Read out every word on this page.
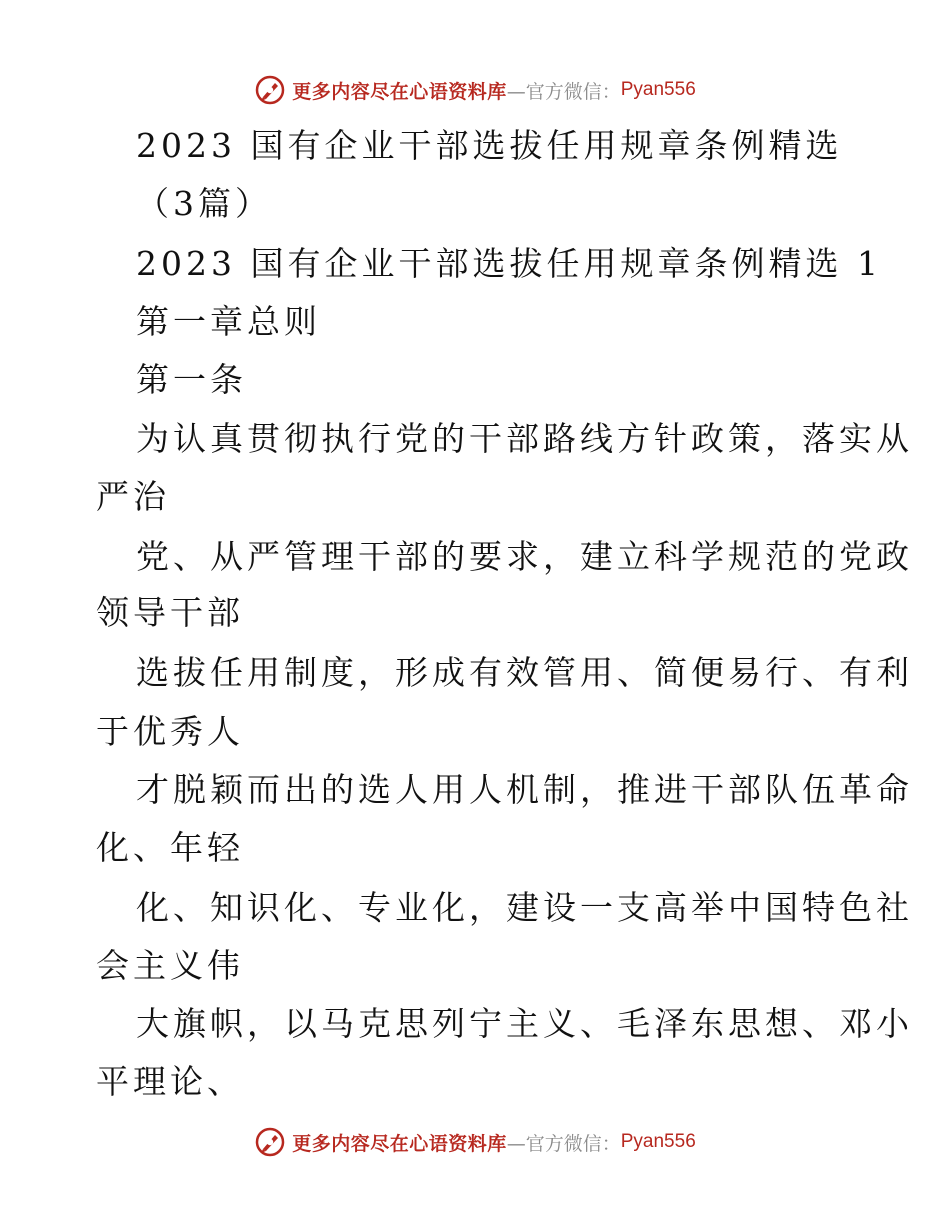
更多内容尽在心语资料库 —官方微信： Pyan556
2023 国有企业干部选拔任用规章条例精选
（3篇）
2023 国有企业干部选拔任用规章条例精选 1
第一章总则
第一条
为认真贯彻执行党的干部路线方针政策，落实从
严治
党、从严管理干部的要求，建立科学规范的党政
领导干部
选拔任用制度，形成有效管用、简便易行、有利
于优秀人
才脱颖而出的选人用人机制，推进干部队伍革命
化、年轻
化、知识化、专业化，建设一支高举中国特色社
会主义伟
大旗帜，以马克思列宁主义、毛泽东思想、邓小
平理论、
更多内容尽在心语资料库 —官方微信： Pyan556
